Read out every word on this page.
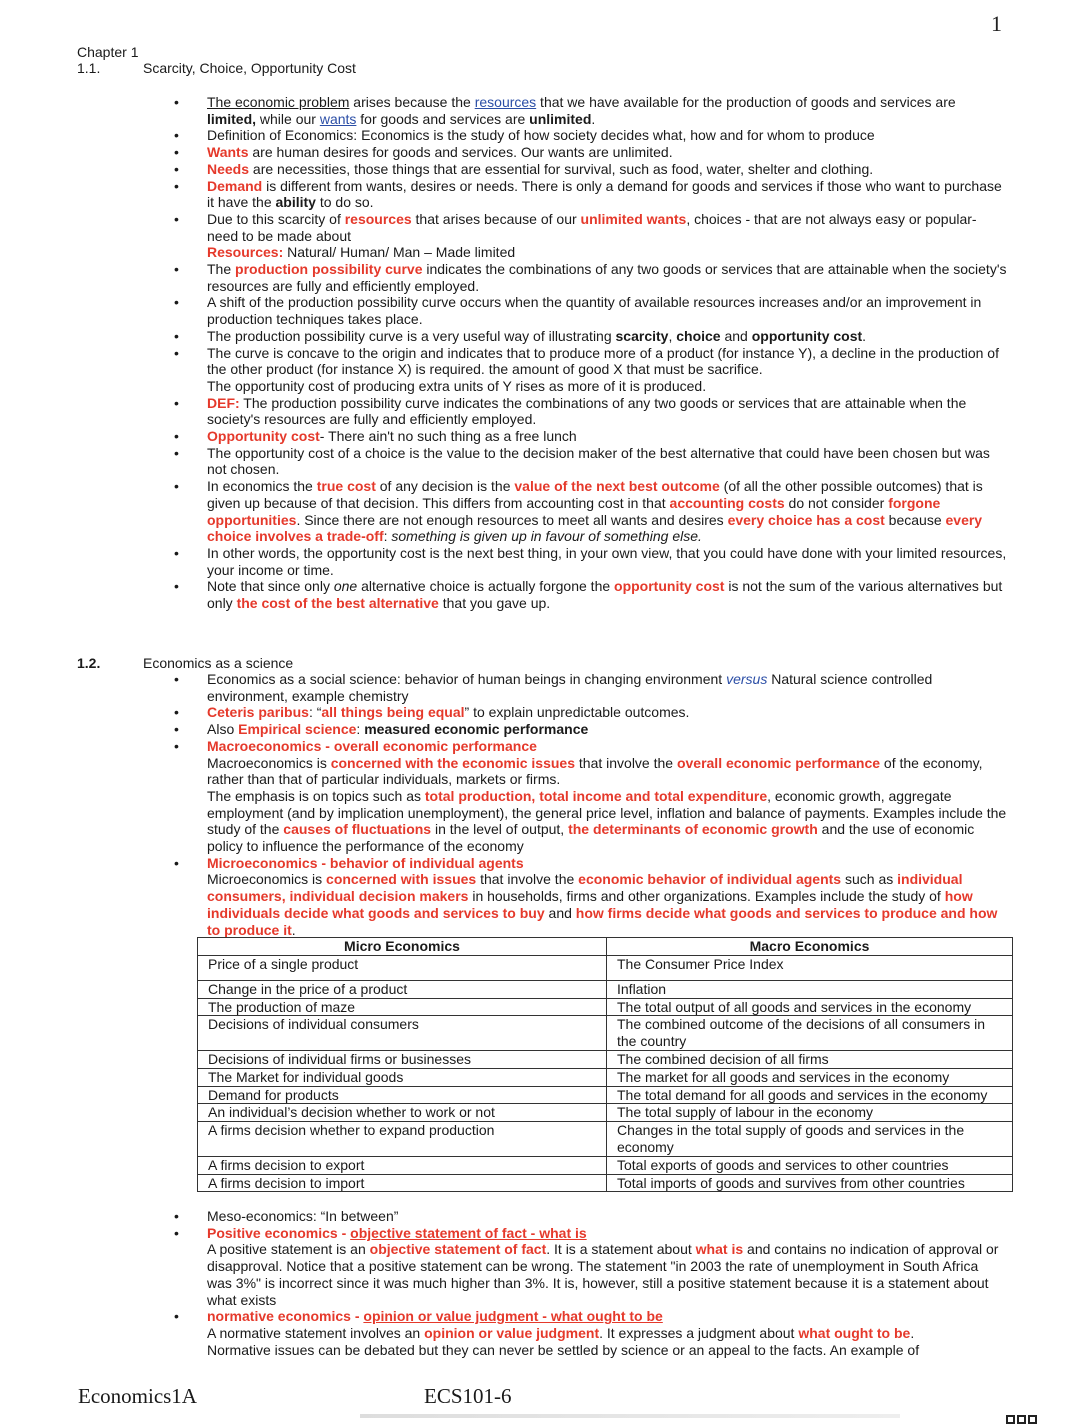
1
Chapter 1
1.1.	Scarcity, Choice, Opportunity Cost
• The economic problem arises because the resources that we have available for the production of goods and services are limited, while our wants for goods and services are unlimited.
• Definition of Economics: Economics is the study of how society decides what, how and for whom to produce
• Wants are human desires for goods and services. Our wants are unlimited.
• Needs are necessities, those things that are essential for survival, such as food, water, shelter and clothing.
• Demand is different from wants, desires or needs. There is only a demand for goods and services if those who want to purchase it have the ability to do so.
• Due to this scarcity of resources that arises because of our unlimited wants, choices - that are not always easy or popular- need to be made about
Resources: Natural/ Human/ Man – Made limited
• The production possibility curve indicates the combinations of any two goods or services that are attainable when the society's resources are fully and efficiently employed.
• A shift of the production possibility curve occurs when the quantity of available resources increases and/or an improvement in production techniques takes place.
• The production possibility curve is a very useful way of illustrating scarcity, choice and opportunity cost.
• The curve is concave to the origin and indicates that to produce more of a product (for instance Y), a decline in the production of the other product (for instance X) is required. the amount of good X that must be sacrifice.
The opportunity cost of producing extra units of Y rises as more of it is produced.
• DEF: The production possibility curve indicates the combinations of any two goods or services that are attainable when the society's resources are fully and efficiently employed.
• Opportunity cost- There ain't no such thing as a free lunch
• The opportunity cost of a choice is the value to the decision maker of the best alternative that could have been chosen but was not chosen.
• In economics the true cost of any decision is the value of the next best outcome (of all the other possible outcomes) that is given up because of that decision. This differs from accounting cost in that accounting costs do not consider forgone opportunities. Since there are not enough resources to meet all wants and desires every choice has a cost because every choice involves a trade-off: something is given up in favour of something else.
• In other words, the opportunity cost is the next best thing, in your own view, that you could have done with your limited resources, your income or time.
• Note that since only one alternative choice is actually forgone the opportunity cost is not the sum of the various alternatives but only the cost of the best alternative that you gave up.
1.2.	Economics as a science
• Economics as a social science: behavior of human beings in changing environment versus Natural science controlled environment, example chemistry
• Ceteris paribus: “all things being equal” to explain unpredictable outcomes.
• Also Empirical science: measured economic performance
• Macroeconomics - overall economic performance
Macroeconomics is concerned with the economic issues that involve the overall economic performance of the economy, rather than that of particular individuals, markets or firms.
The emphasis is on topics such as total production, total income and total expenditure, economic growth, aggregate employment (and by implication unemployment), the general price level, inflation and balance of payments. Examples include the study of the causes of fluctuations in the level of output, the determinants of economic growth and the use of economic policy to influence the performance of the economy
• Microeconomics - behavior of individual agents
Microeconomics is concerned with issues that involve the economic behavior of individual agents such as individual consumers, individual decision makers in households, firms and other organizations. Examples include the study of how individuals decide what goods and services to buy and how firms decide what goods and services to produce and how to produce it.
Micro Economics	Macro Economics
Price of a single product	The Consumer Price Index
Change in the price of a product	Inflation
The production of maze	The total output of all goods and services in the economy
Decisions of individual consumers	The combined outcome of the decisions of all consumers in the country
Decisions of individual firms or businesses	The combined decision of all firms
The Market for individual goods	The market for all goods and services in the economy
Demand for products	The total demand for all goods and services in the economy
An individual’s decision whether to work or not	The total supply of labour in the economy
A firms decision whether to expand production	Changes in the total supply of goods and services in the economy
A firms decision to export	Total exports of goods and services to other countries
A firms decision to import	Total imports of goods and survives from other countries
• Meso-economics: “In between”
• Positive economics - objective statement of fact - what is
A positive statement is an objective statement of fact. It is a statement about what is and contains no indication of approval or disapproval. Notice that a positive statement can be wrong. The statement "in 2003 the rate of unemployment in South Africa was 3%" is incorrect since it was much higher than 3%. It is, however, still a positive statement because it is a statement about what exists
• normative economics - opinion or value judgment - what ought to be
A normative statement involves an opinion or value judgment. It expresses a judgment about what ought to be.
Normative issues can be debated but they can never be settled by science or an appeal to the facts. An example of
Economics1A	ECS101-6
